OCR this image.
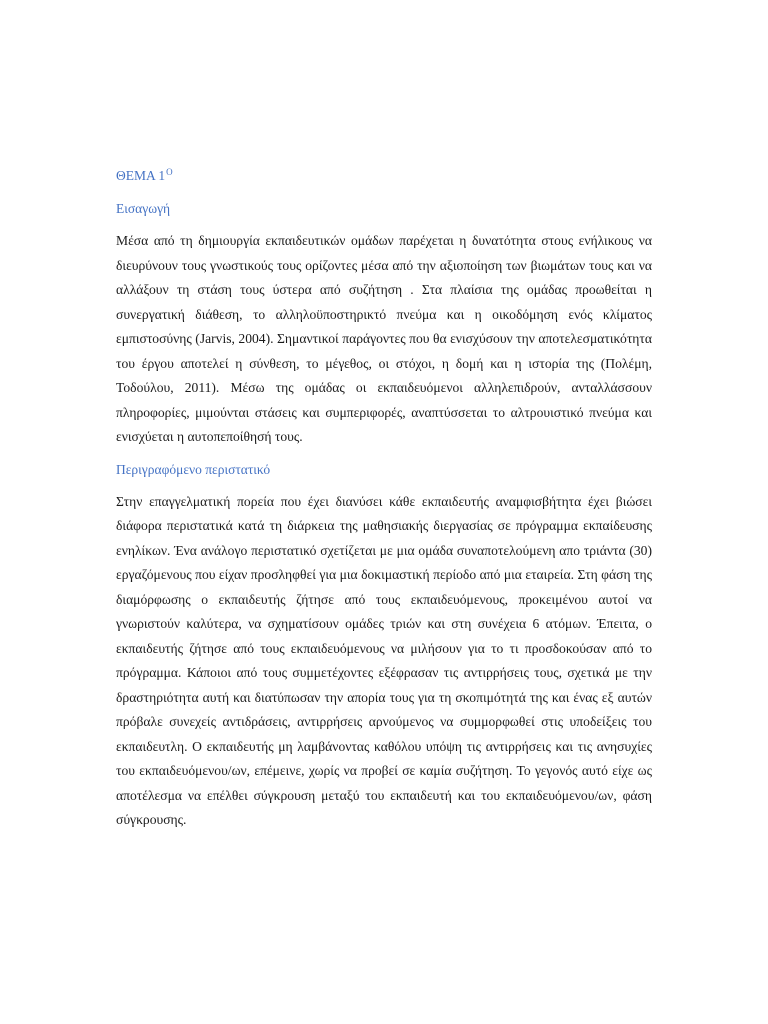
ΘΕΜΑ $1^O$

Εισαγωγή

Μέσα από τη δημιουργία εκπαιδευτικών ομάδων παρέχεται η δυνατότητα στους ενήλικους να διευρύνουν τους γνωστικούς τους ορίζοντες μέσα από την αξιοποίηση των βιωμάτων τους και να αλλάξουν τη στάση τους ύστερα από συζήτηση . Στα πλαίσια της ομάδας προωθείται η συνεργατική διάθεση, το αλληλοϋποστηρικτό πνεύμα και η οικοδόμηση ενός κλίματος εμπιστοσύνης (Jarvis, 2004). Σημαντικοί παράγοντες που θα ενισχύσουν την αποτελεσματικότητα του έργου αποτελεί η σύνθεση, το μέγεθος, οι στόχοι, η δομή και η ιστορία της (Πολέμη, Τοδούλου, 2011). Μέσω της ομάδας οι εκπαιδευόμενοι αλληλεπιδρούν, ανταλλάσσουν πληροφορίες, μιμούνται στάσεις και συμπεριφορές, αναπτύσσεται το αλτρουιστικό πνεύμα και ενισχύεται η αυτοπεποίθησή τους.

Περιγραφόμενο περιστατικό

Στην επαγγελματική πορεία που έχει διανύσει κάθε εκπαιδευτής αναμφισβήτητα έχει βιώσει διάφορα περιστατικά κατά τη διάρκεια της μαθησιακής διεργασίας σε πρόγραμμα εκπαίδευσης ενηλίκων. Ένα ανάλογο περιστατικό σχετίζεται με μια ομάδα συναποτελούμενη απο τριάντα (30) εργαζόμενους που είχαν προσληφθεί για μια δοκιμαστική περίοδο από μια εταιρεία. Στη φάση της διαμόρφωσης ο εκπαιδευτής ζήτησε από τους εκπαιδευόμενους, προκειμένου αυτοί να γνωριστούν καλύτερα, να σχηματίσουν ομάδες τριών και στη συνέχεια 6 ατόμων. Έπειτα, ο εκπαιδευτής ζήτησε από τους εκπαιδευόμενους να μιλήσουν για το τι προσδοκούσαν από το πρόγραμμα. Κάποιοι από τους συμμετέχοντες εξέφρασαν τις αντιρρήσεις τους, σχετικά με την δραστηριότητα αυτή και διατύπωσαν την απορία τους για τη σκοπιμότητά της και ένας εξ αυτών πρόβαλε συνεχείς αντιδράσεις, αντιρρήσεις αρνούμενος να συμμορφωθεί στις υποδείξεις του εκπαιδευτλη. Ο εκπαιδευτής μη λαμβάνοντας καθόλου υπόψη τις αντιρρήσεις και τις ανησυχίες του εκπαιδευόμενου/ων, επέμεινε, χωρίς να προβεί σε καμία συζήτηση. Το γεγονός αυτό είχε ως αποτέλεσμα να επέλθει σύγκρουση μεταξύ του εκπαιδευτή και του εκπαιδευόμενου/ων, φάση σύγκρουσης.
